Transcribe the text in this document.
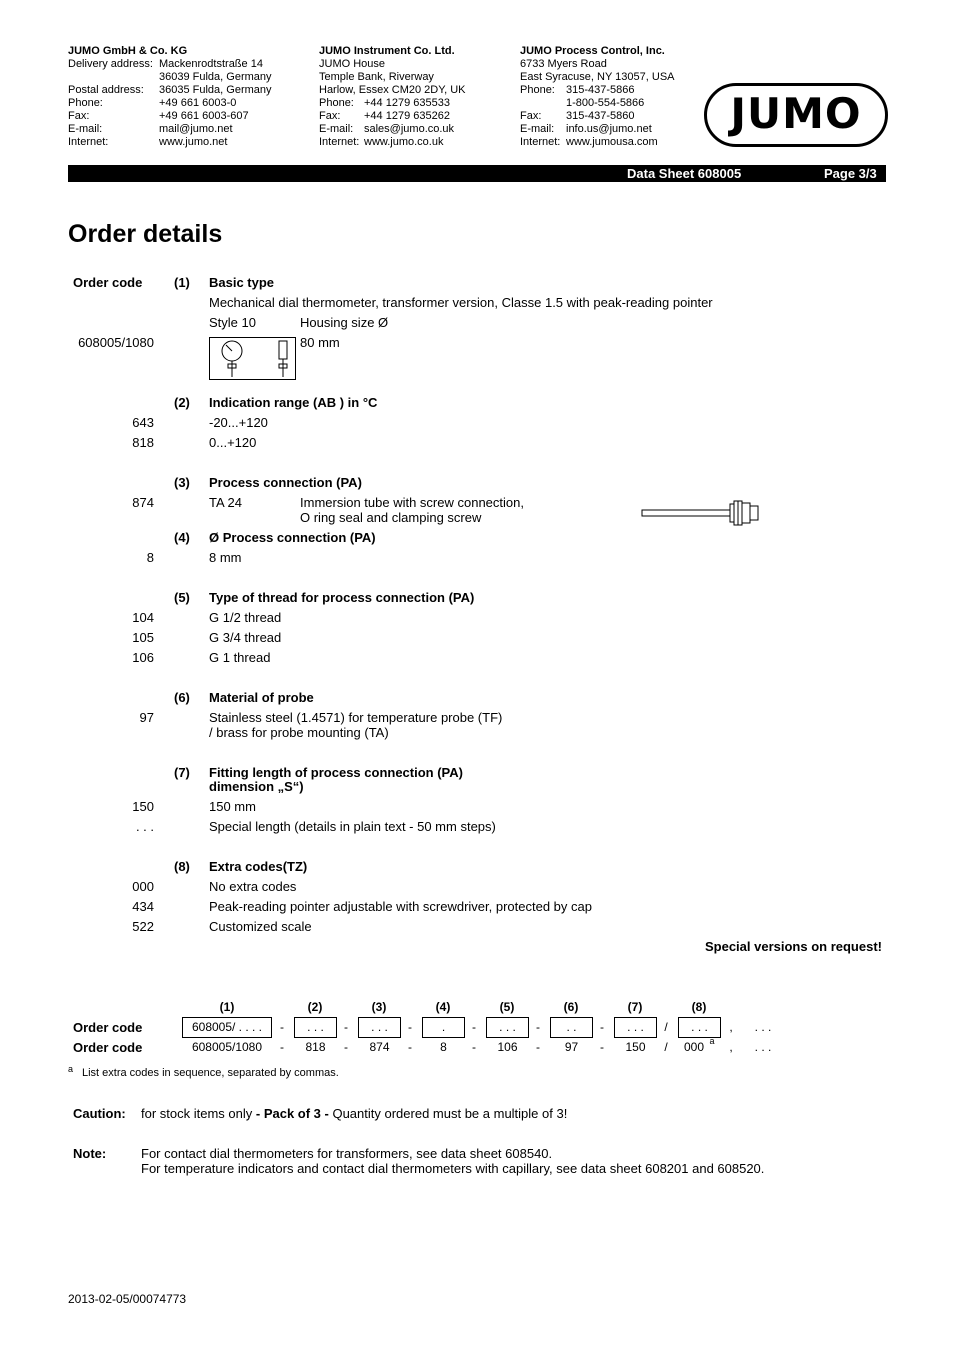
JUMO GmbH & Co. KG
Delivery address: Mackenrodtstraße 14
36039 Fulda, Germany
Postal address:	36035 Fulda, Germany
Phone:	+49 661 6003-0
Fax:	+49 661 6003-607
E-mail:	mail@jumo.net
Internet:	www.jumo.net
JUMO Instrument Co. Ltd.
JUMO House
Temple Bank, Riverway
Harlow, Essex CM20 2DY, UK
Phone: +44 1279 635533
Fax:	+44 1279 635262
E-mail: sales@jumo.co.uk
Internet: www.jumo.co.uk
JUMO Process Control, Inc.
6733 Myers Road
East Syracuse, NY 13057, USA
Phone:	315-437-5866
1-800-554-5866
Fax:	315-437-5860
E-mail:	info.us@jumo.net
Internet: www.jumousa.com
JUMO
Data Sheet 608005	Page 3/3
Order details
Order code (1) Basic type
Mechanical dial thermometer, transformer version, Classe 1.5 with peak-reading pointer
Style 10	Housing size Ø
608005/1080	80 mm
(2) Indication range (AB ) in °C
643	-20...+120
818	0...+120
(3) Process connection (PA)
874	TA 24	Immersion tube with screw connection,
O ring seal and clamping screw
(4) Ø Process connection (PA)
8	8 mm
(5) Type of thread for process connection (PA)
104	G 1/2 thread
105	G 3/4 thread
106	G 1 thread
(6) Material of probe
97	Stainless steel (1.4571) for temperature probe (TF)
/ brass for probe mounting (TA)
(7) Fitting length of process connection (PA)
dimension „S“)
150	150 mm
. . .	Special length (details in plain text - 50 mm steps)
(8) Extra codes(TZ)
000	No extra codes
434	Peak-reading pointer adjustable with screwdriver, protected by cap
522	Customized scale
Special versions on request!
(1)	(2)	(3)	(4)	(5)	(6)	(7)	(8)
Order code	608005/ . . . .	-	. . .	-	. . .	-	.	-	. . .	-	. .	-	. . .	/	. . .	,	. . .
Order code	608005/1080	-	818	-	874	-	8	-	106	-	97	-	150	/	000 a ,	. . .
a List extra codes in sequence, separated by commas.
Caution: for stock items only - Pack of 3 - Quantity ordered must be a multiple of 3!
Note:	For contact dial thermometers for transformers, see data sheet 608540.
For temperature indicators and contact dial thermometers with capillary, see data sheet 608201 and 608520.
2013-02-05/00074773
